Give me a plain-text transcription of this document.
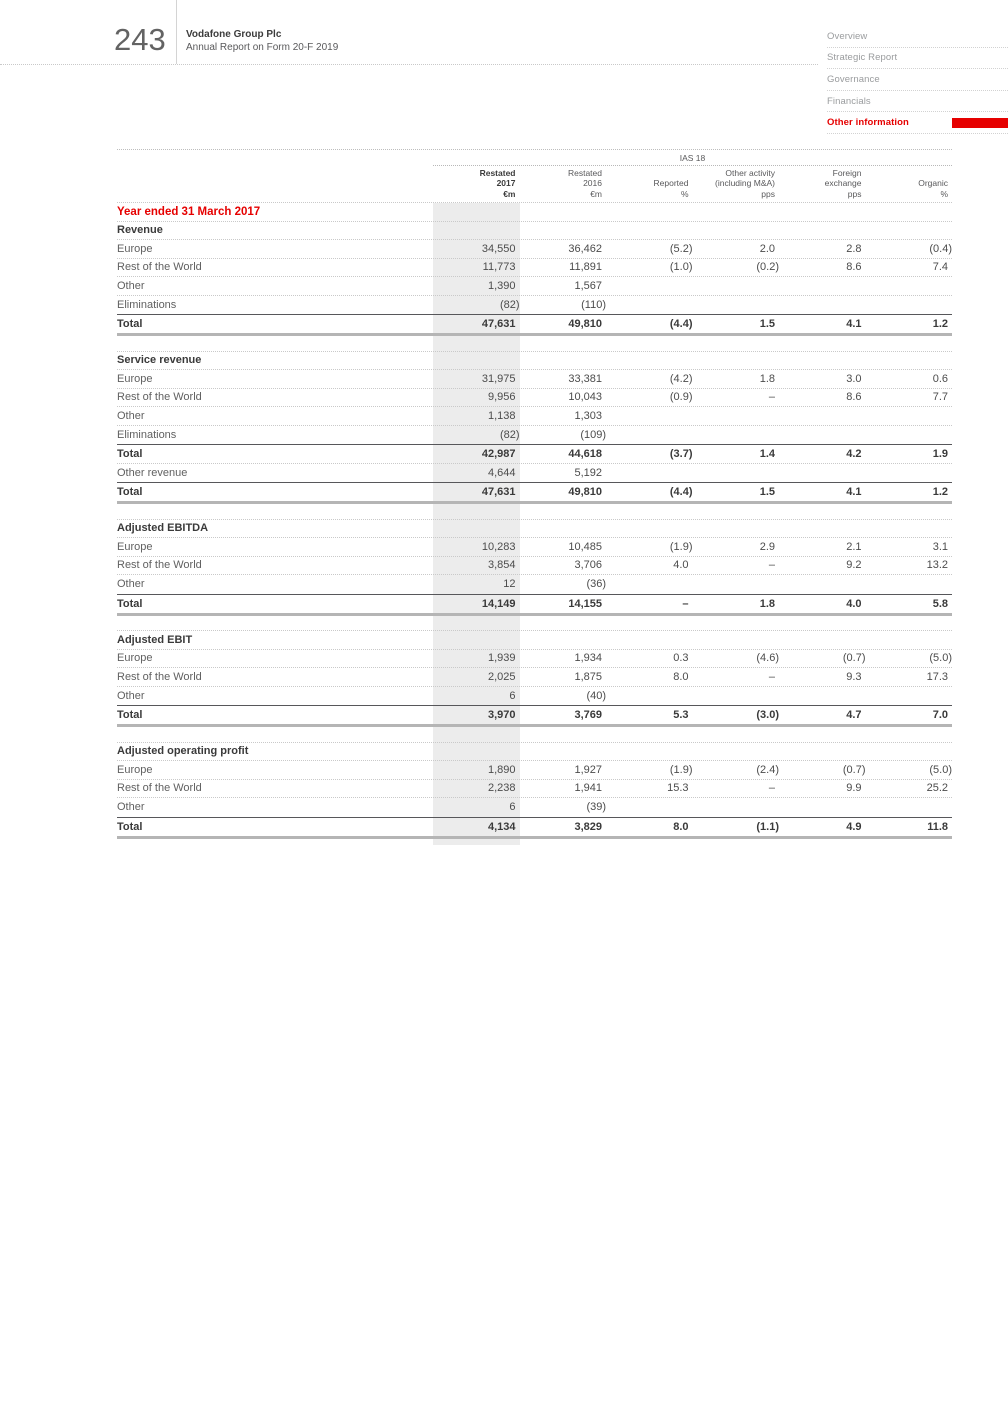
243 Vodafone Group Plc
Annual Report on Form 20-F 2019
Overview
Strategic Report
Governance
Financials
Other information
IAS 18
Restated
2017
€m
Restated
2016
€m
Reported
%
Other activity
(including M&A)
pps
Foreign
exchange
pps
Organic
%
Year ended 31 March 2017
Revenue
Europe	34,550	36,462	(5.2)	2.0	2.8	(0.4)
Rest of the World	11,773	11,891	(1.0)	(0.2)	8.6	7.4
Other	1,390	1,567
Eliminations	(82)	(110)
Total	47,631	49,810	(4.4)	1.5	4.1	1.2
Service revenue
Europe	31,975	33,381	(4.2)	1.8	3.0	0.6
Rest of the World	9,956	10,043	(0.9)	–	8.6	7.7
Other	1,138	1,303
Eliminations	(82)	(109)
Total	42,987	44,618	(3.7)	1.4	4.2	1.9
Other revenue	4,644	5,192
Total	47,631	49,810	(4.4)	1.5	4.1	1.2
Adjusted EBITDA
Europe	10,283	10,485	(1.9)	2.9	2.1	3.1
Rest of the World	3,854	3,706	4.0	–	9.2	13.2
Other	12	(36)
Total	14,149	14,155	–	1.8	4.0	5.8
Adjusted EBIT
Europe	1,939	1,934	0.3	(4.6)	(0.7)	(5.0)
Rest of the World	2,025	1,875	8.0	–	9.3	17.3
Other	6	(40)
Total	3,970	3,769	5.3	(3.0)	4.7	7.0
Adjusted operating profit
Europe	1,890	1,927	(1.9)	(2.4)	(0.7)	(5.0)
Rest of the World	2,238	1,941	15.3	–	9.9	25.2
Other	6	(39)
Total	4,134	3,829	8.0	(1.1)	4.9	11.8
